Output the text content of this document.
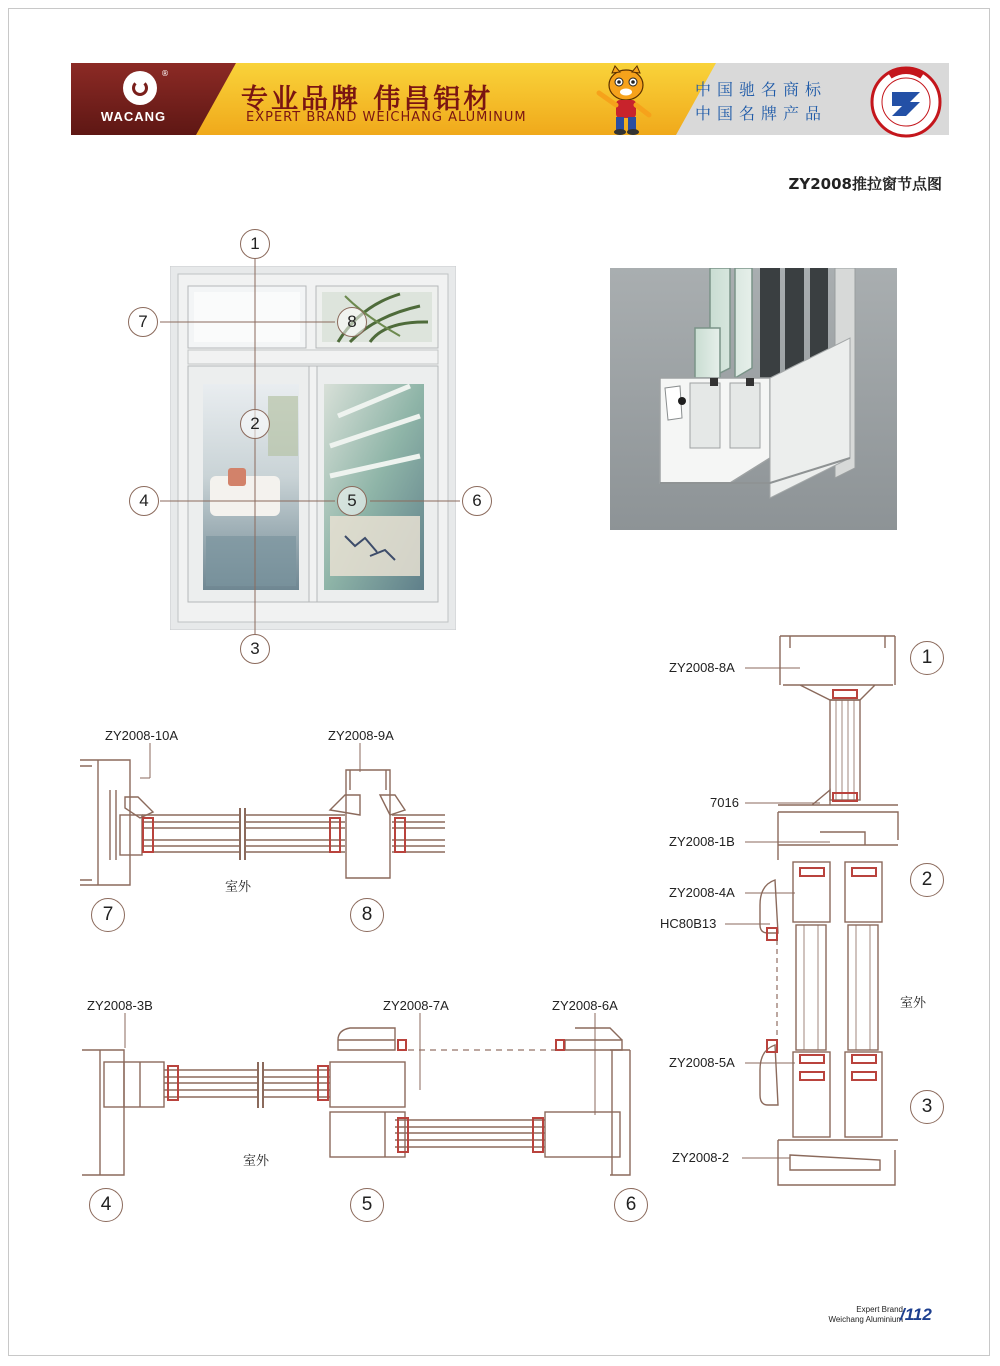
®
WACANG
专业品牌 伟昌铝材
EXPERT BRAND WEICHANG ALUMINUM
中国驰名商标
中国名牌产品
ZY2008推拉窗节点图
1
2
3
4	5	6
7	8
ZY2008-8A
7016
ZY2008-1B
ZY2008-4A
HC80B13
ZY2008-5A
ZY2008-2
室外
1
2
3
ZY2008-10A	ZY2008-9A
室外
7	8
ZY2008-3B	ZY2008-7A	ZY2008-6A
室外
4	5	6
Expert Brand
Weichang Aluminium
/112
